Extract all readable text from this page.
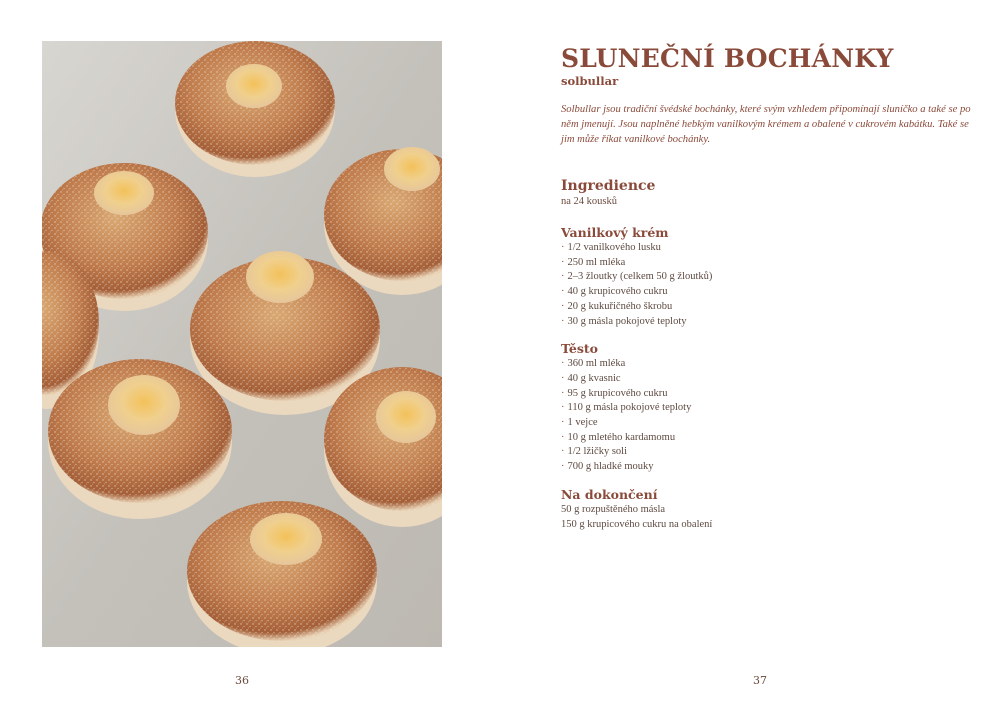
36	37
SLUNEČNÍ BOCHÁNKY

solbullar

Solbullar jsou tradiční švédské bochánky, které svým vzhledem připomínají sluníčko a také se po něm jmenují. Jsou naplněné hebkým vanilkovým krémem a obalené v cukrovém kabátku. Také se jim může říkat vanilkové bochánky.

Ingredience

na 24 kousků

Vanilkový krém
· 1/2 vanilkového lusku
· 250 ml mléka
· 2–3 žloutky (celkem 50 g žloutků)
· 40 g krupicového cukru
· 20 g kukuřičného škrobu
· 30 g másla pokojové teploty
Těsto
· 360 ml mléka
· 40 g kvasnic
· 95 g krupicového cukru
· 110 g másla pokojové teploty
· 1 vejce
· 10 g mletého kardamomu
· 1/2 lžičky soli
· 700 g hladké mouky
Na dokončení
50 g rozpuštěného másla
150 g krupicového cukru na obalení
